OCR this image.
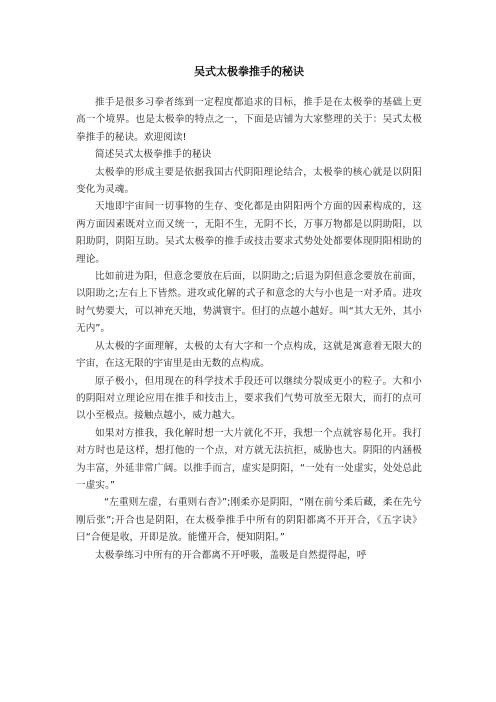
吴式太极拳推手的秘诀

推手是很多习拳者练到一定程度都追求的目标，推手是在太极拳的基础上更高一个境界。也是太极拳的特点之一，下面是店铺为大家整理的关于：吴式太极拳推手的秘诀。欢迎阅读!

简述吴式太极拳推手的秘诀

太极拳的形成主要是依据我国古代阴阳理论结合，太极拳的核心就是以阴阳变化为灵魂。

天地即宇宙间一切事物的生存、变化都是由阴阳两个方面的因素构成的，这两方面因素既对立而又统一，无阳不生，无阴不长，万事万物都是以阴助阳，以阳助阴，阴阳互助。吴式太极拳的推手或技击要求式势处处都要体现阴阳相助的理论。

比如前进为阳，但意念要放在后面，以阴助之;后退为阴但意念要放在前面，以阳助之;左右上下皆然。进攻或化解的式子和意念的大与小也是一对矛盾。进攻时气势要大，可以神充天地，势满寰宇。但打的点越小越好。叫“其大无外，其小无内”。

从太极的字面理解，太极的太有大字和一个点构成，这就是寓意着无限大的宇宙，在这无限的宇宙里是由无数的点构成。

原子极小，但用现在的科学技术手段还可以继续分裂成更小的粒子。大和小的阴阳对立理论应用在推手和技击上，要求我们气势可放至无限大，而打的点可以小至极点。接触点越小，威力越大。

如果对方推我，我化解时想一大片就化不开，我想一个点就容易化开。我打对方时也是这样，想打他的一个点，对方就无法抗拒，威胁也大。阴阳的内涵极为丰富，外延非常广阔。以推手而言，虚实是阴阳，“一处有一处虚实，处处总此一虚实。”

“左重则左虚，右重则右杳》”;刚柔亦是阴阳，“刚在前兮柔后藏，柔在先兮刚后张”;开合也是阴阳，在太极拳推手中所有的阴阳都离不开开合，《五字诀》曰“合便是收，开即是放。能懂开合，便知阴阳。”

太极拳练习中所有的开合都离不开呼吸，盖吸是自然提得起，呼
